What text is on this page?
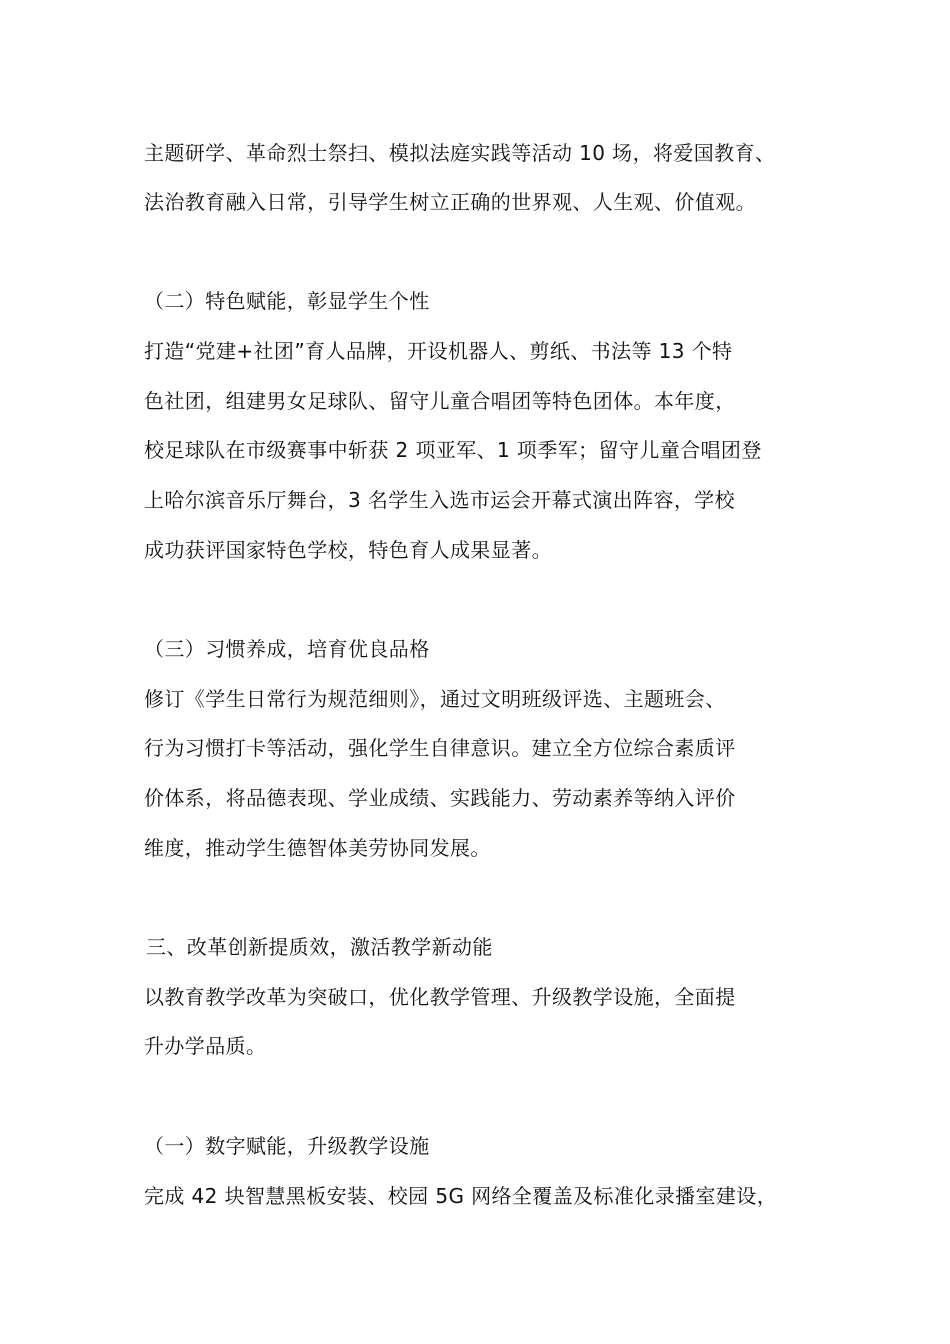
主题研学、革命烈士祭扫、模拟法庭实践等活动 10 场，将爱国教育、
法治教育融入日常，引导学生树立正确的世界观、人生观、价值观。
（二）特色赋能，彰显学生个性
打造“党建+社团”育人品牌，开设机器人、剪纸、书法等 13 个特
色社团，组建男女足球队、留守儿童合唱团等特色团体。本年度，
校足球队在市级赛事中斩获 2 项亚军、1 项季军；留守儿童合唱团登
上哈尔滨音乐厅舞台，3 名学生入选市运会开幕式演出阵容，学校
成功获评国家特色学校，特色育人成果显著。
（三）习惯养成，培育优良品格
修订《学生日常行为规范细则》，通过文明班级评选、主题班会、
行为习惯打卡等活动，强化学生自律意识。建立全方位综合素质评
价体系，将品德表现、学业成绩、实践能力、劳动素养等纳入评价
维度，推动学生德智体美劳协同发展。
三、改革创新提质效，激活教学新动能
以教育教学改革为突破口，优化教学管理、升级教学设施，全面提
升办学品质。
（一）数字赋能，升级教学设施
完成 42 块智慧黑板安装、校园 5G 网络全覆盖及标准化录播室建设，
